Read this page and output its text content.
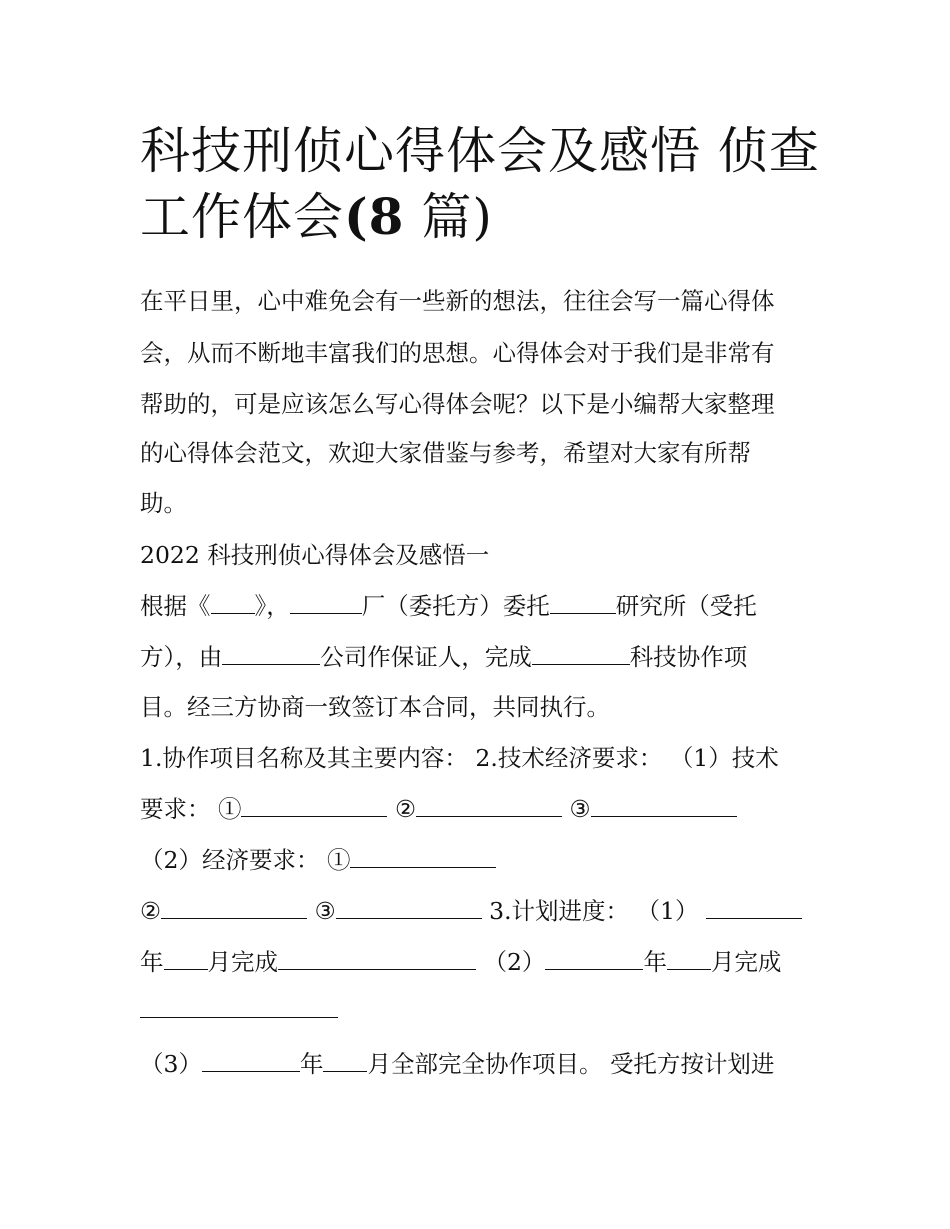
科技刑侦心得体会及感悟 侦查
工作体会(8 篇)
在平日里，心中难免会有一些新的想法，往往会写一篇心得体
会，从而不断地丰富我们的思想。心得体会对于我们是非常有
帮助的，可是应该怎么写心得体会呢？以下是小编帮大家整理
的心得体会范文，欢迎大家借鉴与参考，希望对大家有所帮
助。
2022 科技刑侦心得体会及感悟一
根据《 》，	厂（委托方）委托	研究所（受托
方），由	公司作保证人，完成	科技协作项
目。经三方协商一致签订本合同，共同执行。
1.协作项目名称及其主要内容： 2.技术经济要求： （1）技术
要求： ①	②	③
（2）经济要求： ①
②	③	3.计划进度： （1）
年 月完成	（2）	年 月完成
（3）	年 月全部完全协作项目。 受托方按计划进
